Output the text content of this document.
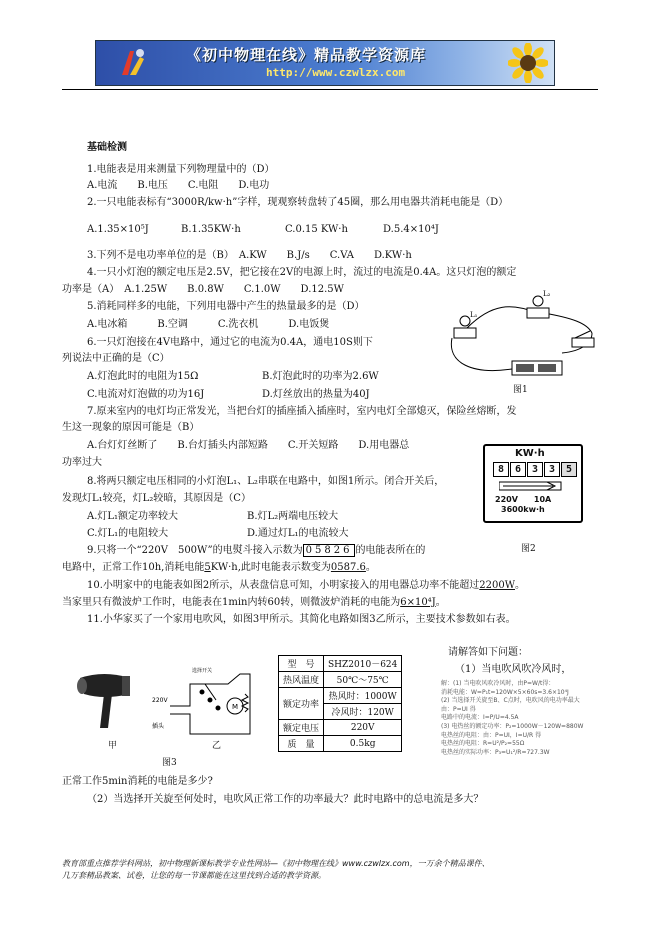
《初中物理在线》精品教学资源库
http://www.czwlzx.com
基础检测
1.电能表是用来测量下列物理量中的（D）
A.电流　　B.电压　　C.电阻　　D.电功
2.一只电能表标有“3000R/kw·h”字样，现观察转盘转了45圈，那么用电器共消耗电能是（D）
A.1.35×10⁵J	B.1.35KW·h	C.0.15 KW·h	D.5.4×10⁴J
3.下列不是电功率单位的是（B）　A.KW　　B.J/s　　C.VA　　D.KW·h
4.一只小灯泡的额定电压是2.5V，把它接在2V的电源上时，流过的电流是0.4A。这只灯泡的额定
功率是（A）　A.1.25W　　B.0.8W　　C.1.0W　　D.12.5W
5.消耗同样多的电能，下列用电器中产生的热量最多的是（D）
A.电冰箱　　　B.空调　　　C.洗衣机　　　D.电饭煲
6.一只灯泡接在4V电路中，通过它的电流为0.4A，通电10S则下
列说法中正确的是（C）
A.灯泡此时的电阻为15Ω	B.灯泡此时的功率为2.6W
C.电流对灯泡做的功为16J	D.灯丝放出的热量为40J
7.原来室内的电灯均正常发光，当把台灯的插座插入插座时，室内电灯全部熄灭，保险丝熔断，发
生这一现象的原因可能是（B）
A.台灯灯丝断了　　B.台灯插头内部短路　　C.开关短路　　D.用电器总
功率过大
8.将两只额定电压相同的小灯泡L₁、L₂串联在电路中，如图1所示。闭合开关后，
发现灯L₁较亮，灯L₂较暗，其原因是（C）
A.灯L₁额定功率较大	B.灯L₂两端电压较大
C.灯L₁的电阻较大	D.通过灯L₁的电流较大
9.只将一个“220V　500W”的电熨斗接入示数为 05826 的电能表所在的
电路中，正常工作10h,消耗电能5KW·h,此时电能表示数变为0587.6。
10.小明家中的电能表如图2所示，从表盘信息可知，小明家接入的用电器总功率不能超过2200W。
当家里只有微波炉工作时，电能表在1min内转60转，则微波炉消耗的电能为6×10⁴J。
11.小华家买了一个家用电吹风，如图3甲所示。其简化电路如图3乙所示，主要技术参数如右表。
请解答如下问题：
（1）当电吹风吹冷风时，
正常工作5min消耗的电能是多少?
（2）当选择开关旋至何处时，电吹风正常工作的功率最大？此时电路中的总电流是多大？
L₁
L₂
图1
KW·h
8	6	3	3	5
220V　　10A
3600kw·h
图2
甲
M
选择开关
220V
插头
乙
图3
型　号	SHZ2010－624
热风温度	50℃～75℃
额定功率	热风时：1000W
	冷风时：120W
额定电压	220V
质　量	0.5kg
解：(1) 当电吹风吹冷风时，由P=W/t得：
消耗电能：W=P₁t=120W×5×60s=3.6×10⁴J
(2) 当选择开关旋至B、C点时，电吹风的电功率最大
由：P=UI 得
电路中的电流：I=P/U=4.5A
(3) 电热丝的额定功率：P₂=1000W－120W=880W
电热丝的电阻：由：P=UI，I=U/R 得
电热丝的电阻：R=U²/P₂=55Ω
电热丝的实际功率：P₃=U₁²/R=727.3W
教育部重点推荐学科网站，初中物理新课标教学专业性网站—《初中物理在线》www.czwlzx.com，一万余个精品课件、
几万套精品教案、试卷，让您的每一节课都能在这里找到合适的教学资源。
